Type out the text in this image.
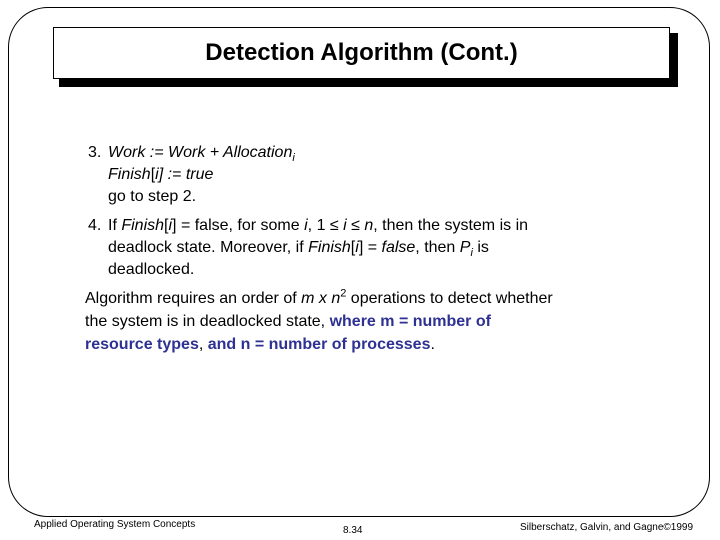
Detection Algorithm (Cont.)
3. Work := Work + Allocation$_i$
Finish[i] := true
go to step 2.
4. If Finish[i] = false, for some i, 1 ≤ i ≤ n, then the system is in
deadlock state. Moreover, if Finish[i] = false, then $P_i$ is
deadlocked.
Algorithm requires an order of m x $n^2$ operations to detect whether
the system is in deadlocked state, where m = number of
resource types, and n = number of processes.
Applied Operating System Concepts
8.34	Silberschatz, Galvin, and Gagne©1999
